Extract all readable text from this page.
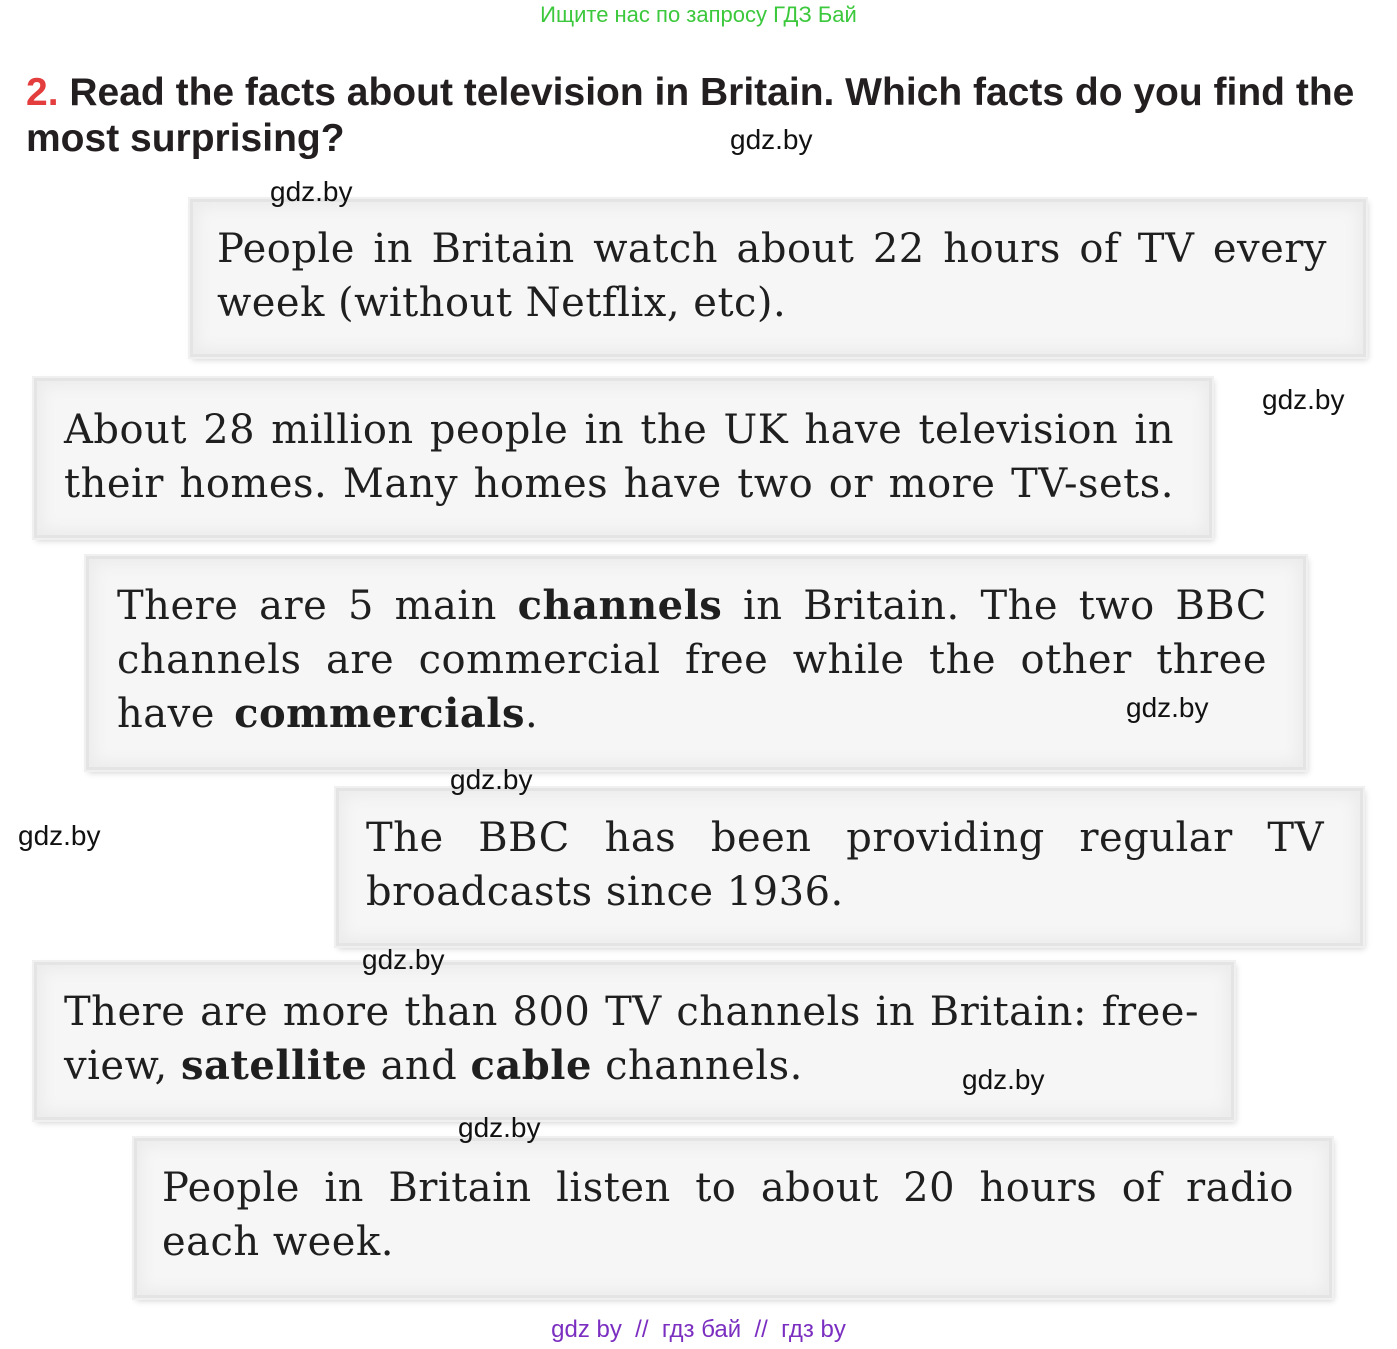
Ищите нас по запросу ГДЗ Бай
2. Read the facts about television in Britain. Which facts do you find the most surprising?
People in Britain watch about 22 hours of TV every
week (without Netflix, etc).
About 28 million people in the UK have television in
their homes. Many homes have two or more TV-sets.
There are 5 main channels in Britain. The two BBC channels are commercial free while the other three have commercials.
The BBC has been providing regular TV
broadcasts since 1936.
There are more than 800 TV channels in Britain: free-view, satellite and cable channels.
People in Britain listen to about 20 hours of radio
each week.
gdz.by
gdz.by
gdz.by
gdz.by
gdz.by
gdz.by
gdz.by
gdz.by
gdz.by
gdz by  //  гдз бай  //  гдз by
